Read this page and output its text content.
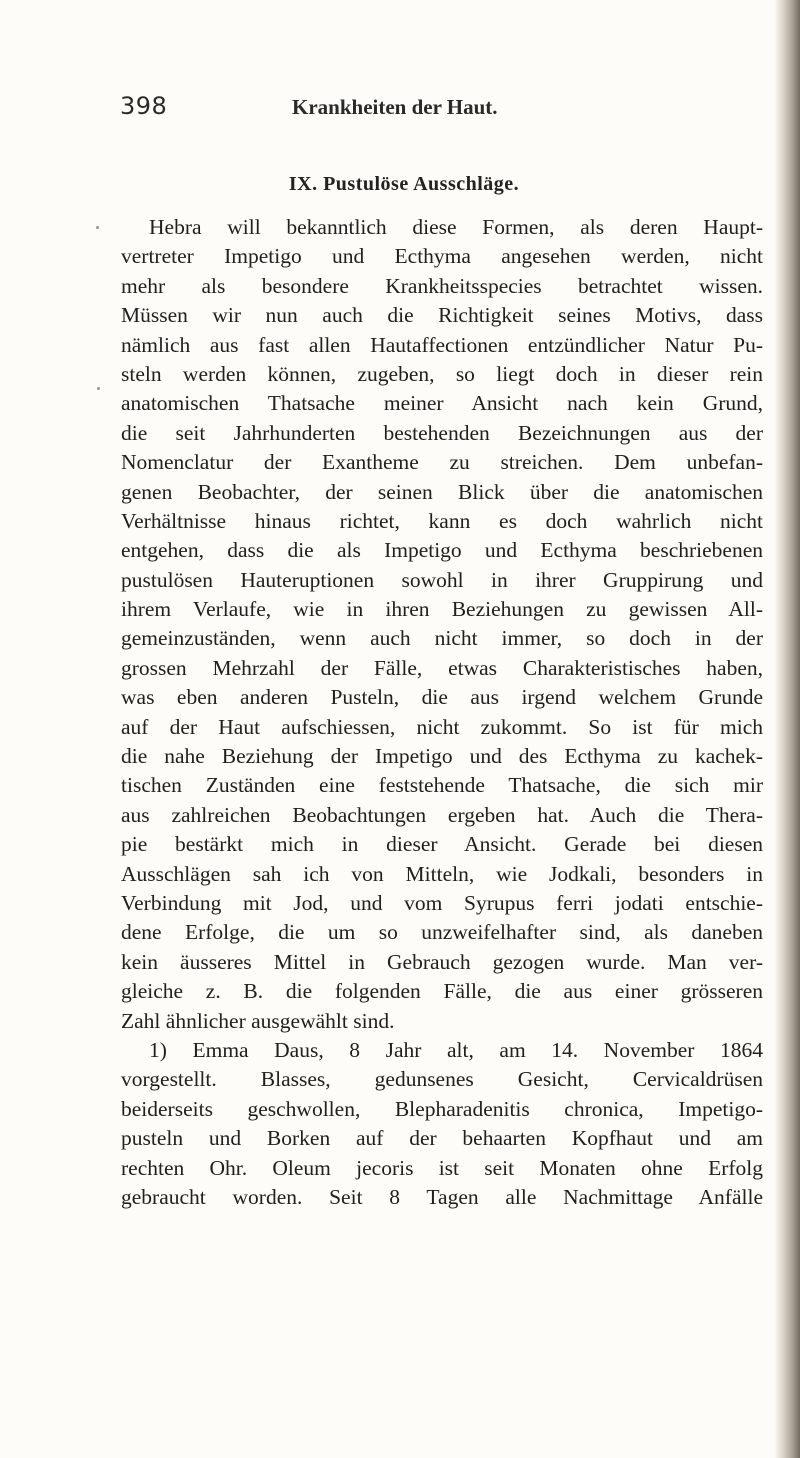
398	Krankheiten der Haut.
IX. Pustulöse Ausschläge.
Hebra will bekanntlich diese Formen, als deren Haupt-
vertreter Impetigo und Ecthyma angesehen werden, nicht
mehr als besondere Krankheitsspecies betrachtet wissen.
Müssen wir nun auch die Richtigkeit seines Motivs, dass
nämlich aus fast allen Hautaffectionen entzündlicher Natur Pu-
steln werden können, zugeben, so liegt doch in dieser rein
anatomischen Thatsache meiner Ansicht nach kein Grund,
die seit Jahrhunderten bestehenden Bezeichnungen aus der
Nomenclatur der Exantheme zu streichen. Dem unbefan-
genen Beobachter, der seinen Blick über die anatomischen
Verhältnisse hinaus richtet, kann es doch wahrlich nicht
entgehen, dass die als Impetigo und Ecthyma beschriebenen
pustulösen Hauteruptionen sowohl in ihrer Gruppirung und
ihrem Verlaufe, wie in ihren Beziehungen zu gewissen All-
gemeinzuständen, wenn auch nicht immer, so doch in der
grossen Mehrzahl der Fälle, etwas Charakteristisches haben,
was eben anderen Pusteln, die aus irgend welchem Grunde
auf der Haut aufschiessen, nicht zukommt. So ist für mich
die nahe Beziehung der Impetigo und des Ecthyma zu kachek-
tischen Zuständen eine feststehende Thatsache, die sich mir
aus zahlreichen Beobachtungen ergeben hat. Auch die Thera-
pie bestärkt mich in dieser Ansicht. Gerade bei diesen
Ausschlägen sah ich von Mitteln, wie Jodkali, besonders in
Verbindung mit Jod, und vom Syrupus ferri jodati entschie-
dene Erfolge, die um so unzweifelhafter sind, als daneben
kein äusseres Mittel in Gebrauch gezogen wurde. Man ver-
gleiche z. B. die folgenden Fälle, die aus einer grösseren
Zahl ähnlicher ausgewählt sind.
1) Emma Daus, 8 Jahr alt, am 14. November 1864
vorgestellt. Blasses, gedunsenes Gesicht, Cervicaldrüsen
beiderseits geschwollen, Blepharadenitis chronica, Impetigo-
pusteln und Borken auf der behaarten Kopfhaut und am
rechten Ohr. Oleum jecoris ist seit Monaten ohne Erfolg
gebraucht worden. Seit 8 Tagen alle Nachmittage Anfälle
